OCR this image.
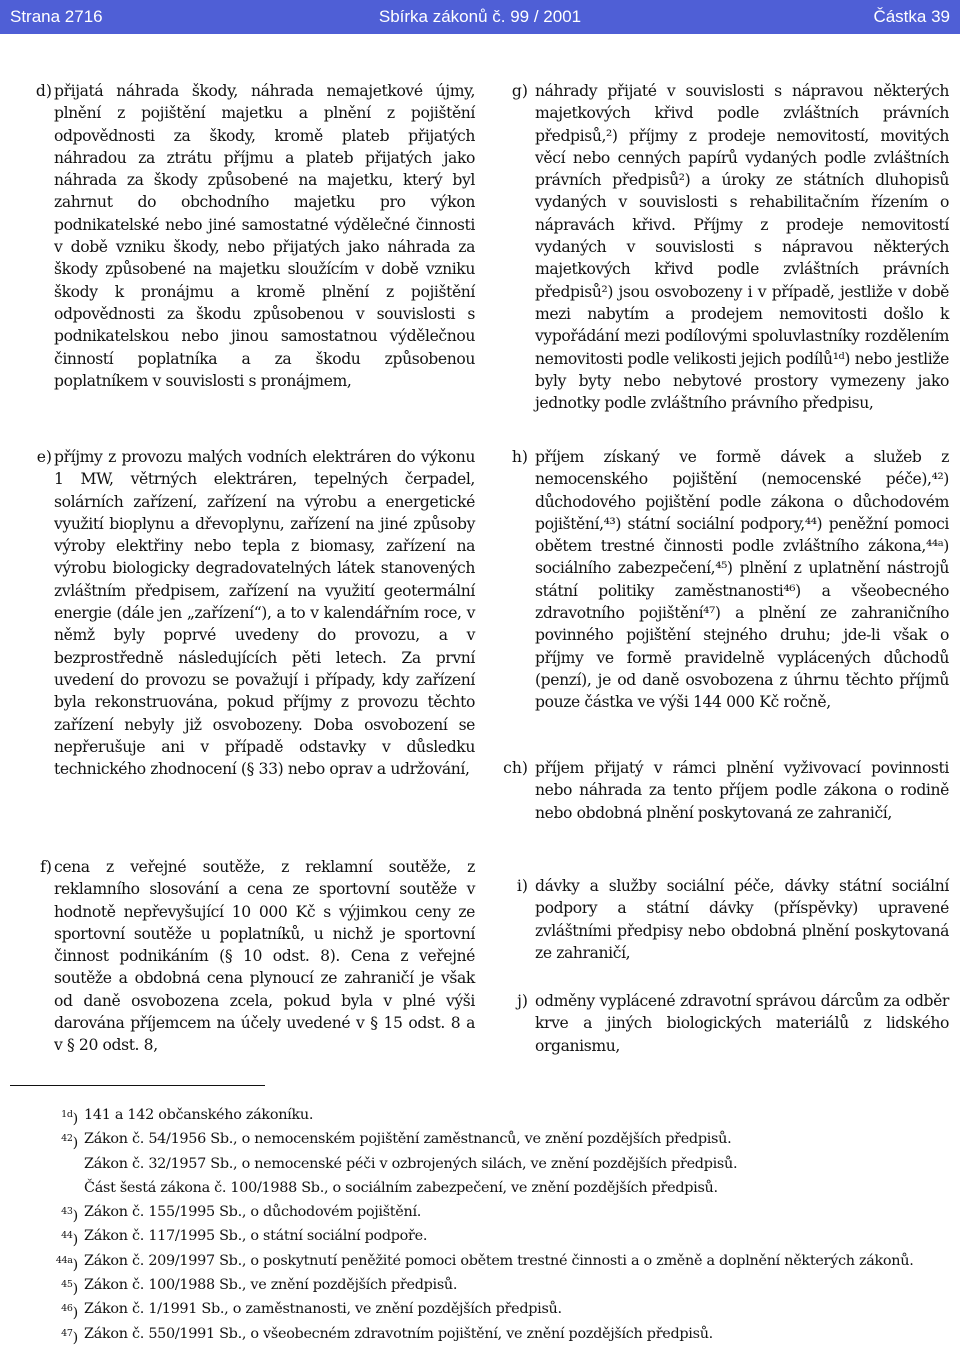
Strana 2716	Sbírka zákonů č. 99 / 2001	Částka 39
d) přijatá náhrada škody, náhrada nemajetkové újmy, plnění z pojištění majetku a plnění z pojištění odpovědnosti za škody, kromě plateb přijatých náhradou za ztrátu příjmu a plateb přijatých jako náhrada za škody způsobené na majetku, který byl zahrnut do obchodního majetku pro výkon podnikatelské nebo jiné samostatné výdělečné činnosti v době vzniku škody, nebo přijatých jako náhrada za škody způsobené na majetku sloužícím v době vzniku škody k pronájmu a kromě plnění z pojištění odpovědnosti za škodu způsobenou v souvislosti s podnikatelskou nebo jinou samostatnou výdělečnou činností poplatníka a za škodu způsobenou poplatníkem v souvislosti s pronájmem,
e) příjmy z provozu malých vodních elektráren do výkonu 1 MW, větrných elektráren, tepelných čerpadel, solárních zařízení, zařízení na výrobu a energetické využití bioplynu a dřevoplynu, zařízení na jiné způsoby výroby elektřiny nebo tepla z biomasy, zařízení na výrobu biologicky degradovatelných látek stanovených zvláštním předpisem, zařízení na využití geotermální energie (dále jen „zařízení“), a to v kalendářním roce, v němž byly poprvé uvedeny do provozu, a v bezprostředně následujících pěti letech. Za první uvedení do provozu se považují i případy, kdy zařízení byla rekonstruována, pokud příjmy z provozu těchto zařízení nebyly již osvobozeny. Doba osvobození se nepřerušuje ani v případě odstavky v důsledku technického zhodnocení (§ 33) nebo oprav a udržování,
f) cena z veřejné soutěže, z reklamní soutěže, z reklamního slosování a cena ze sportovní soutěže v hodnotě nepřevyšující 10 000 Kč s výjimkou ceny ze sportovní soutěže u poplatníků, u nichž je sportovní činnost podnikáním (§ 10 odst. 8). Cena z veřejné soutěže a obdobná cena plynoucí ze zahraničí je však od daně osvobozena zcela, pokud byla v plné výši darována příjemcem na účely uvedené v § 15 odst. 8 a v § 20 odst. 8,
g) náhrady přijaté v souvislosti s nápravou některých majetkových křivd podle zvláštních právních předpisů,²) příjmy z prodeje nemovitostí, movitých věcí nebo cenných papírů vydaných podle zvláštních právních předpisů²) a úroky ze státních dluhopisů vydaných v souvislosti s rehabilitačním řízením o nápravách křivd. Příjmy z prodeje nemovitostí vydaných v souvislosti s nápravou některých majetkových křivd podle zvláštních právních předpisů²) jsou osvobozeny i v případě, jestliže v době mezi nabytím a prodejem nemovitosti došlo k vypořádání mezi podílovými spoluvlastníky rozdělením nemovitosti podle velikosti jejich podílů¹ᵈ) nebo jestliže byly byty nebo nebytové prostory vymezeny jako jednotky podle zvláštního právního předpisu,
h) příjem získaný ve formě dávek a služeb z nemocenského pojištění (nemocenské péče),⁴²) důchodového pojištění podle zákona o důchodovém pojištění,⁴³) státní sociální podpory,⁴⁴) peněžní pomoci obětem trestné činnosti podle zvláštního zákona,⁴⁴ᵃ) sociálního zabezpečení,⁴⁵) plnění z uplatnění nástrojů státní politiky zaměstnanosti⁴⁶) a všeobecného zdravotního pojištění⁴⁷) a plnění ze zahraničního povinného pojištění stejného druhu; jde-li však o příjmy ve formě pravidelně vyplácených důchodů (penzí), je od daně osvobozena z úhrnu těchto příjmů pouze částka ve výši 144 000 Kč ročně,
ch) příjem přijatý v rámci plnění vyživovací povinnosti nebo náhrada za tento příjem podle zákona o rodině nebo obdobná plnění poskytovaná ze zahraničí,
i) dávky a služby sociální péče, dávky státní sociální podpory a státní dávky (příspěvky) upravené zvláštními předpisy nebo obdobná plnění poskytovaná ze zahraničí,
j) odměny vyplácené zdravotní správou dárcům za odběr krve a jiných biologických materiálů z lidského organismu,
$^{1d}$) 141 a 142 občanského zákoníku.
$^{42}$) Zákon č. 54/1956 Sb., o nemocenském pojištění zaměstnanců, ve znění pozdějších předpisů.
Zákon č. 32/1957 Sb., o nemocenské péči v ozbrojených silách, ve znění pozdějších předpisů.
Část šestá zákona č. 100/1988 Sb., o sociálním zabezpečení, ve znění pozdějších předpisů.
$^{43}$) Zákon č. 155/1995 Sb., o důchodovém pojištění.
$^{44}$) Zákon č. 117/1995 Sb., o státní sociální podpoře.
$^{44a}$) Zákon č. 209/1997 Sb., o poskytnutí peněžité pomoci obětem trestné činnosti a o změně a doplnění některých zákonů.
$^{45}$) Zákon č. 100/1988 Sb., ve znění pozdějších předpisů.
$^{46}$) Zákon č. 1/1991 Sb., o zaměstnanosti, ve znění pozdějších předpisů.
$^{47}$) Zákon č. 550/1991 Sb., o všeobecném zdravotním pojištění, ve znění pozdějších předpisů.
